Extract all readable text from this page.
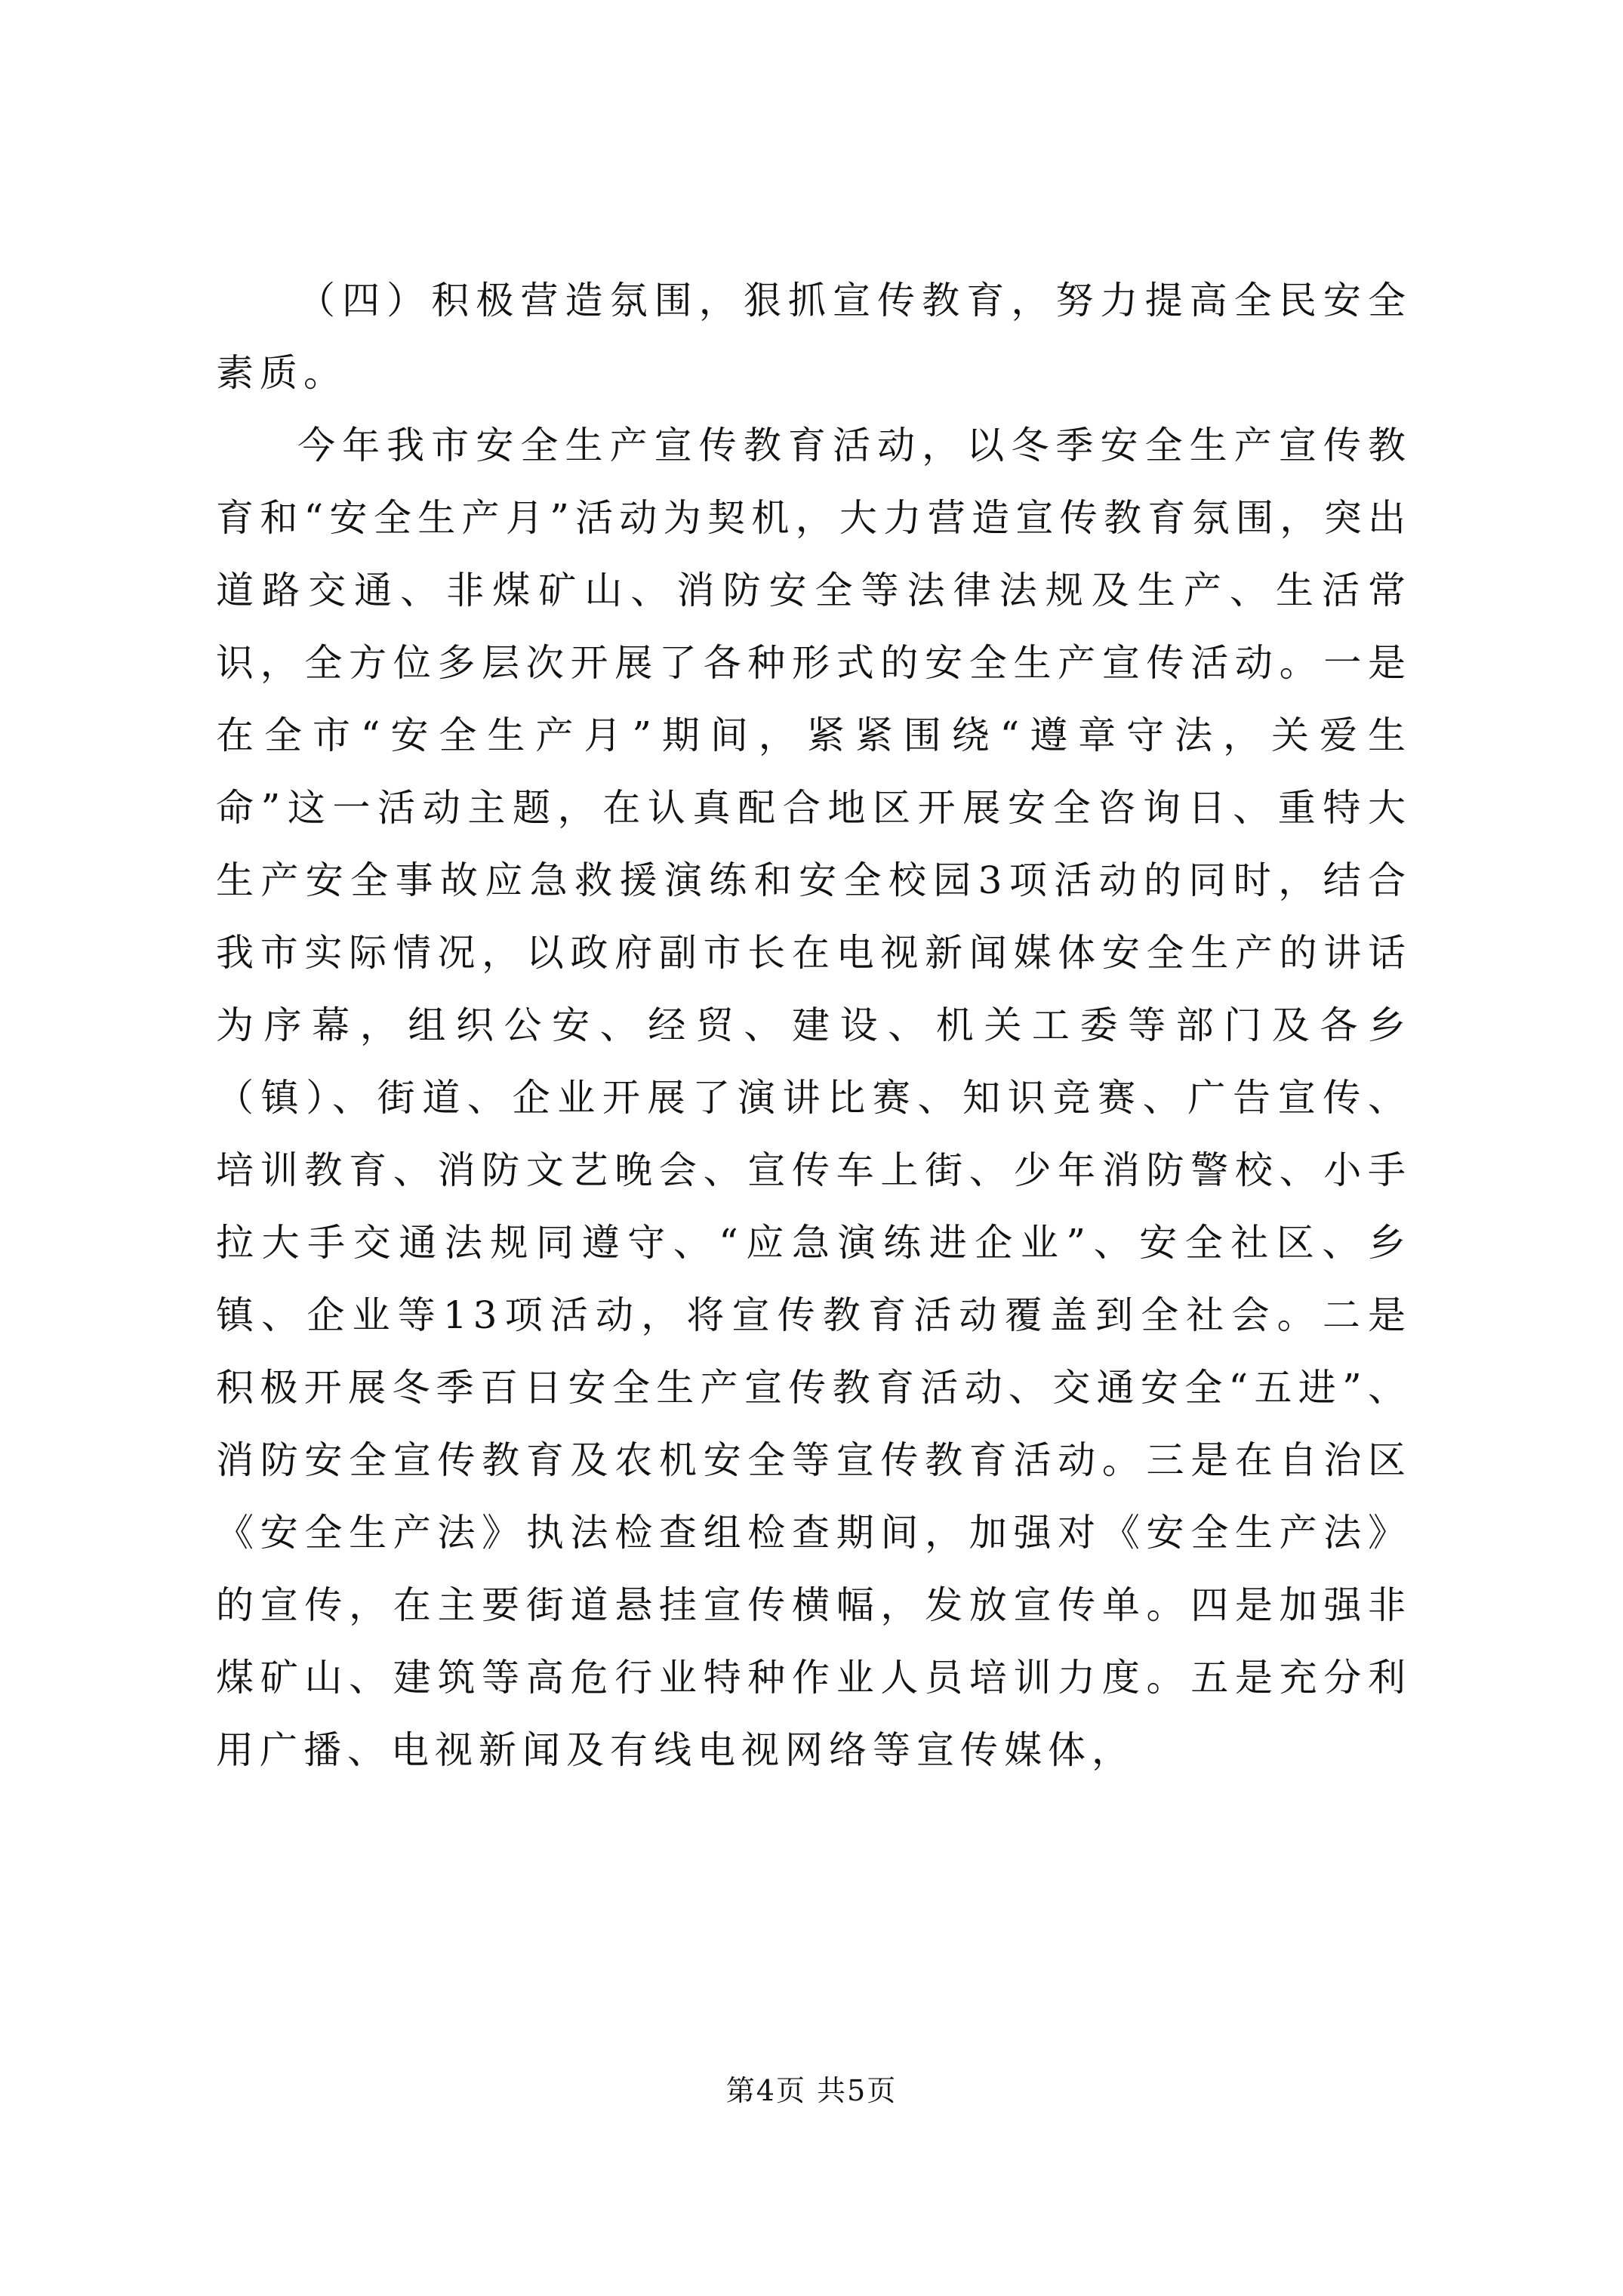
（四）积极营造氛围，狠抓宣传教育，努力提高全民安全素质。

今年我市安全生产宣传教育活动，以冬季安全生产宣传教育和“安全生产月”活动为契机，大力营造宣传教育氛围，突出道路交通、非煤矿山、消防安全等法律法规及生产、生活常识，全方位多层次开展了各种形式的安全生产宣传活动。一是在全市“安全生产月”期间，紧紧围绕“遵章守法，关爱生命”这一活动主题，在认真配合地区开展安全咨询日、重特大生产安全事故应急救援演练和安全校园3项活动的同时，结合我市实际情况，以政府副市长在电视新闻媒体安全生产的讲话为序幕，组织公安、经贸、建设、机关工委等部门及各乡（镇）、街道、企业开展了演讲比赛、知识竞赛、广告宣传、培训教育、消防文艺晚会、宣传车上街、少年消防警校、小手拉大手交通法规同遵守、“应急演练进企业”、安全社区、乡镇、企业等13项活动，将宣传教育活动覆盖到全社会。二是积极开展冬季百日安全生产宣传教育活动、交通安全“五进”、消防安全宣传教育及农机安全等宣传教育活动。三是在自治区《安全生产法》执法检查组检查期间，加强对《安全生产法》的宣传，在主要街道悬挂宣传横幅，发放宣传单。四是加强非煤矿山、建筑等高危行业特种作业人员培训力度。五是充分利用广播、电视新闻及有线电视网络等宣传媒体，

第4页 共5页
